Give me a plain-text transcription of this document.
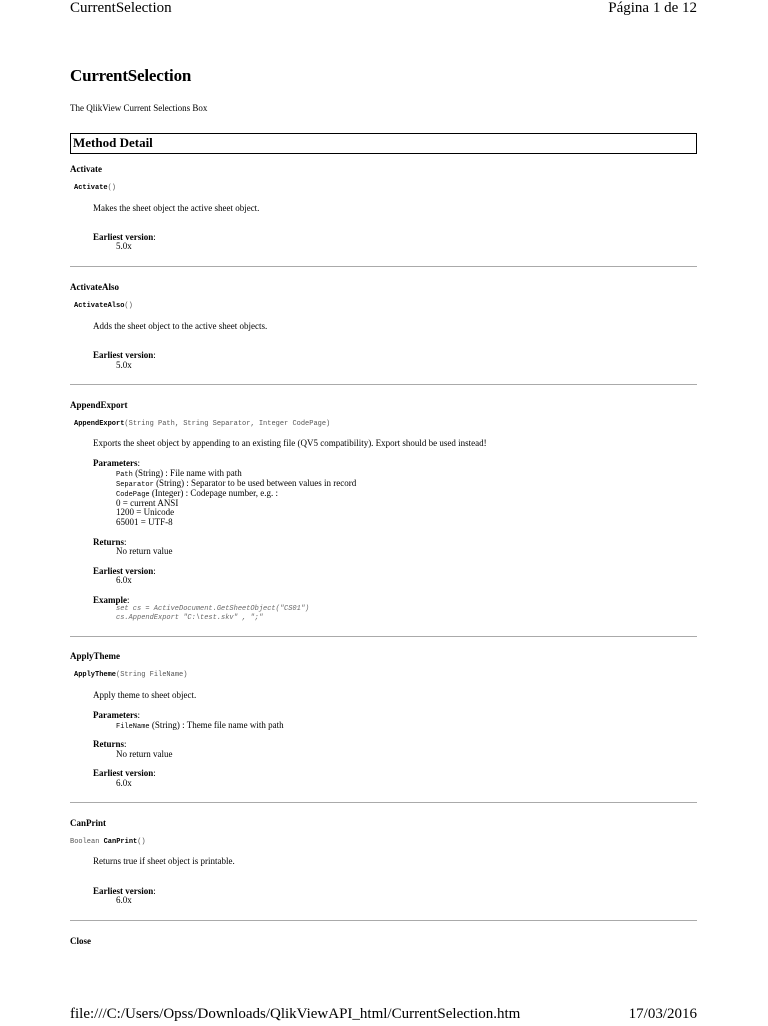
CurrentSelection	Página 1 de 12
CurrentSelection
The QlikView Current Selections Box
Method Detail
Activate
Activate()
Makes the sheet object the active sheet object.
Earliest version:
5.0x
ActivateAlso
ActivateAlso()
Adds the sheet object to the active sheet objects.
Earliest version:
5.0x
AppendExport
AppendExport(String Path, String Separator, Integer CodePage)
Exports the sheet object by appending to an existing file (QV5 compatibility). Export should be used instead!
Parameters:
Path (String) : File name with path
Separator (String) : Separator to be used between values in record
CodePage (Integer) : Codepage number, e.g. :
0 = current ANSI
1200 = Unicode
65001 = UTF-8
Returns:
No return value
Earliest version:
6.0x
Example:
set cs = ActiveDocument.GetSheetObject("CS01")
cs.AppendExport "C:\test.skv" , ";"
ApplyTheme
ApplyTheme(String FileName)
Apply theme to sheet object.
Parameters:
FileName (String) : Theme file name with path
Returns:
No return value
Earliest version:
6.0x
CanPrint
Boolean CanPrint()
Returns true if sheet object is printable.
Earliest version:
6.0x
Close
file:///C:/Users/Opss/Downloads/QlikViewAPI_html/CurrentSelection.htm	17/03/2016
